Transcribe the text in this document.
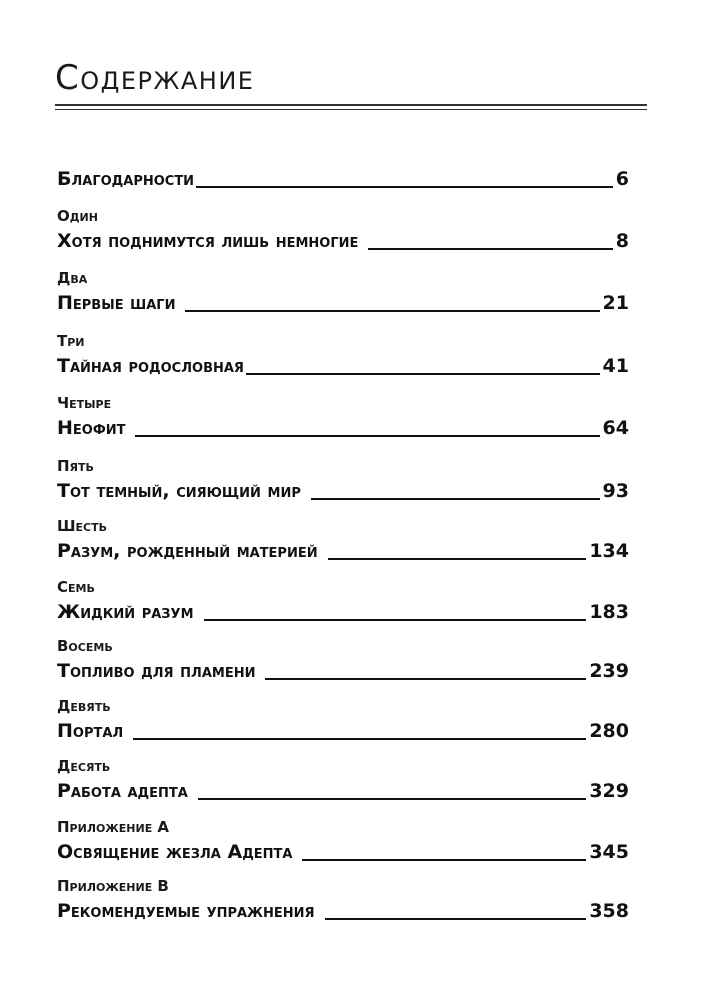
Содержание
Благодарности	6
Один
Хотя поднимутся лишь немногие	8
Два
Первые шаги	21
Три
Тайная родословная	41
Четыре
Неофит	64
Пять
Тот темный, сияющий мир	93
Шесть
Разум, рожденный материей	134
Семь
Жидкий разум	183
Восемь
Топливо для пламени	239
Девять
Портал	280
Десять
Работа адепта	329
Приложение А
Освящение жезла Адепта	345
Приложение В
Рекомендуемые упражнения	358
